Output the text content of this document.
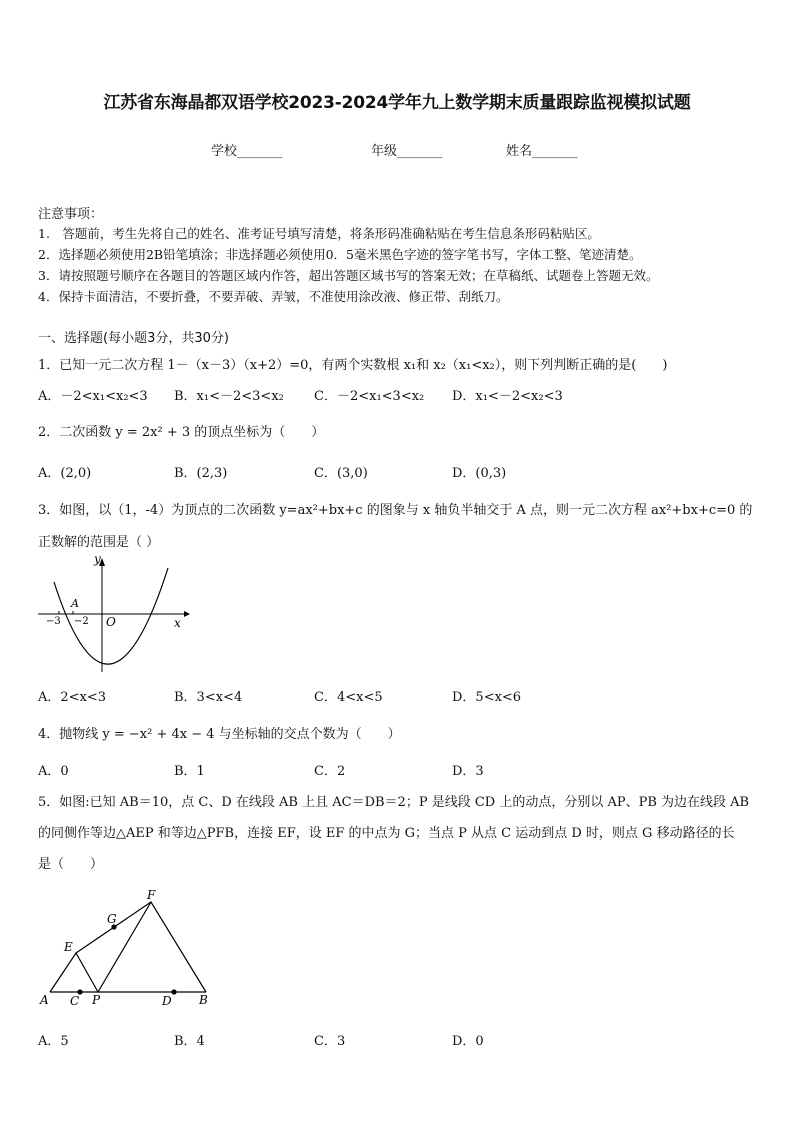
江苏省东海晶都双语学校2023-2024学年九上数学期末质量跟踪监视模拟试题
学校_______	年级_______	姓名_______
注意事项：
1.　答题前，考生先将自己的姓名、准考证号填写清楚，将条形码准确粘贴在考生信息条形码粘贴区。
2．选择题必须使用2B铅笔填涂；非选择题必须使用0．5毫米黑色字迹的签字笔书写，字体工整、笔迹清楚。
3．请按照题号顺序在各题目的答题区域内作答，超出答题区域书写的答案无效；在草稿纸、试题卷上答题无效。
4．保持卡面清洁，不要折叠，不要弄破、弄皱，不准使用涂改液、修正带、刮纸刀。
一、选择题(每小题3分，共30分)
1．已知一元二次方程 1－（x－3）（x+2）=0，有两个实数根 x₁和 x₂（x₁<x₂），则下列判断正确的是(　　)
A．－2<x₁<x₂<3 B．x₁<－2<3<x₂ C．－2<x₁<3<x₂ D．x₁<－2<x₂<3
2．二次函数 y = 2x² + 3 的顶点坐标为（　　）
A．(2,0)	B．(2,3)	C．(3,0)	D．(0,3)
3．如图，以（1，-4）为顶点的二次函数 y=ax²+bx+c 的图象与 x 轴负半轴交于 A 点，则一元二次方程 ax²+bx+c=0 的
正数解的范围是（ ）
y
x
O
A
−3 −2
A．2<x<3	B．3<x<4	C．4<x<5	D．5<x<6
4．抛物线 y = −x² + 4x − 4 与坐标轴的交点个数为（　　）
A．0	B．1	C．2	D．3
5．如图:已知 AB＝10，点 C、D 在线段 AB 上且 AC＝DB＝2；P 是线段 CD 上的动点，分别以 AP、PB 为边在线段 AB
的同侧作等边△AEP 和等边△PFB，连接 EF，设 EF 的中点为 G；当点 P 从点 C 运动到点 D 时，则点 G 移动路径的长
是（　　）
A	B
C	D
E
F
G
P
A．5	B．4	C．3	D．0
